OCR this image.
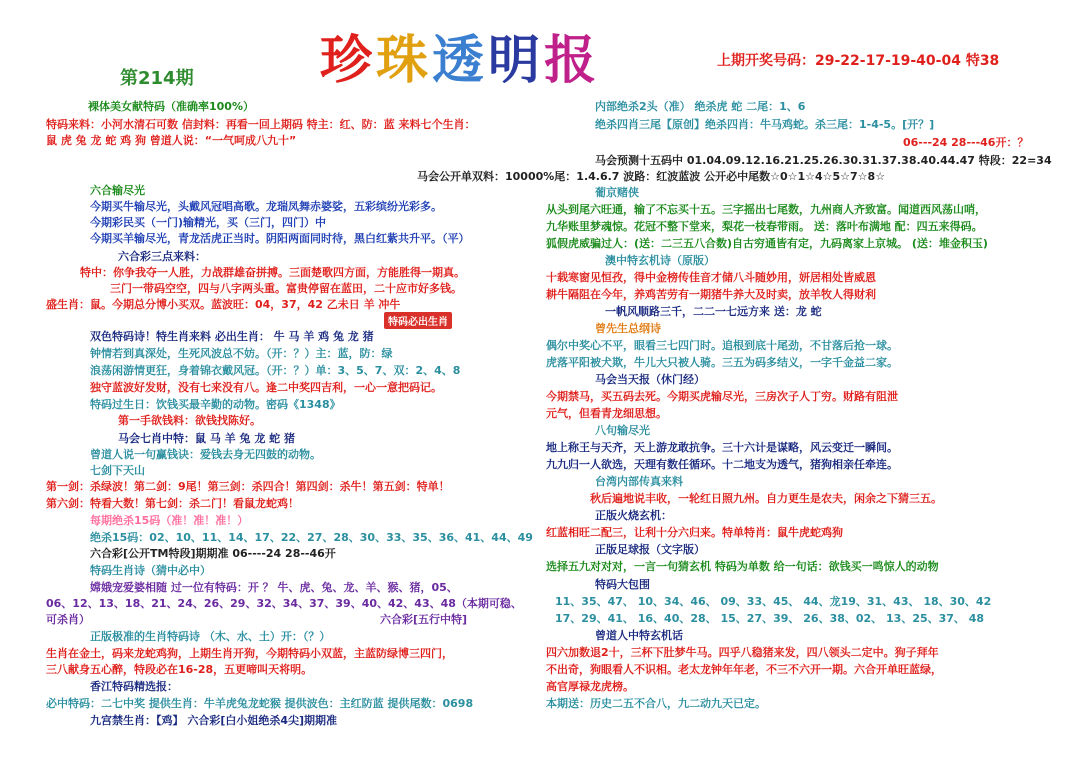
珍珠透明报
第214期
上期开奖号码：29-22-17-19-40-04 特38
特码必出生肖
裸体美女献特码（准确率100%）
特码来料：小河水清石可数 信封料：再看一回上期码 特主：红、防：蓝 来料七个生肖：
鼠 虎 兔 龙 蛇 鸡 狗 曾道人说：“一气呵成八九十”
六合输尽光
今期买牛输尽光，头戴风冠唱高歌。龙瑞凤舞赤婆娑，五彩缤纷光彩多。
今期彩民买（一门)输精光，买（三门，四门）中
今期买羊输尽光，青龙活虎正当时。阴阳两面同时待，黑白红紫共升平。（平）
六合彩三点来料：
特中：你争我夺一人胜，力战群雄奋拼搏。三面楚歌四方面，方能胜得一期真。
三门一带码空空，四与八字两头重。富贵停留在蓝田，二十应市好多钱。
盛生肖：鼠。今期总分博小买双。蓝波旺：04，37，42 乙未日 羊 冲牛
双色特码诗！特生肖来料 必出生肖： 牛 马 羊 鸡 兔 龙 猪
钟情若到真深处，生死风波总不妨。（开：？）主：蓝，防：绿
浪荡闲游情更狂，身着锦衣戴风冠。（开：？）单：3、5、7、双：2、4、8
独守蓝波好发财，没有七来没有八。逢二中奖四吉利，一心一意把码记。
特码过生日：饮钱买最辛勤的动物。密码《1348》
第一手欲钱料：欲钱找陈好。
马会七肖中特：鼠 马 羊 兔 龙 蛇 猪
曾道人说一句赢钱诀：爱钱去身无四鼓的动物。
七剑下天山
第一剑：杀绿波！第二剑：9尾！第三剑：杀四合！第四剑：杀牛！第五剑：特单！
第六剑：特看大数！第七剑：杀二门！看鼠龙蛇鸡！
每期绝杀15码（准！准！准！）
绝杀15码：02、10、11、14、17、22、27、28、30、33、35、36、41、44、49
六合彩[公开TM特段]期期准 06----24 28--46开
特码生肖诗（猜中必中）
嫦娥宠爱婆相随 过一位有特码：开 ？ 牛、虎、兔、龙、羊、猴、猪，05、
06、12、13、18、21、24、26、29、32、34、37、39、40、42、43、48（本期可稳、
可杀肖）	六合彩[五行中特]
正版极准的生肖特码诗 （木、水、土）开：（？）
生肖在金土，码来龙蛇鸡狗，上期生肖开狗，今期特码小双蓝，主蓝防绿博三四门，
三八献身五心醉，特段必在16-28，五更啼叫天将明。
香江特码精选报：
必中特码：二七中奖 提供生肖：牛羊虎兔龙蛇猴 提供波色：主红防蓝 提供尾数：0698
九宫禁生肖：【鸡】 六合彩[白小姐绝杀4尖]期期准
内部绝杀2头（准） 绝杀虎 蛇 二尾：1、6
绝杀四肖三尾【原创】绝杀四肖：牛马鸡蛇。杀三尾：1-4-5。[开？]
06---24 28---46开：？
马会预测十五码中 01.04.09.12.16.21.25.26.30.31.37.38.40.44.47 特段：22=34
马会公开单双料：10000%尾：1.4.6.7 波路：红波蓝波 公开必中尾数☆0☆1☆4☆5☆7☆8☆
葡京赌侠
从头到尾六旺通，输了不忘买十五。三字摇出七尾数，九州商人齐致富。闻道西风荡山哨，
九华账里梦魂惊。花冠不整下堂来，梨花一枝春带雨。 送：落叶布满地 配：四五来得码。
狐假虎威骗过人：(送：二三五八合数)自古穷通皆有定，九码离家上京城。 (送：堆金积玉)
澳中特玄机诗（原版）
十载寒窗见恒孜，得中金榜传佳音才储八斗随妙用，妍居相处皆威恩
耕牛隔阻在今年，养鸡苦劳有一期猪牛养大及时卖，放羊牧人得财利
一帆风顺路三千，二二一七远方来 送：龙 蛇
曾先生总纲诗
偶尔中奖心不平，眼看三七四门时。追根到底十尾劲，不甘落后抢一球。
虎落平阳被犬欺，牛儿大只被人骑。三五为码多结义，一字千金益二家。
马会当天报（休门经）
今期禁马，买五码去死。今期买虎输尽光，三房次子人丁穷。财路有阻泄
元气，但看青龙细思想。
八句输尽光
地上称王与天齐，天上游龙敢抗争。三十六计是谋略，风云变迁一瞬间。
九九归一人欲选，天理有数任循环。十二地支为透气，猪狗相亲任牵连。
台湾内部传真来料
秋后遍地说丰收，一轮红日照九州。自力更生是农夫，闲余之下猜三五。
正版火烧玄机：
红蓝相旺二配三，让利十分六归来。特单特肖：鼠牛虎蛇鸡狗
正版足球报（文字版）
选择五九对对对，一言一句猜玄机 特码为单数 给一句话：欲钱买一鸣惊人的动物
特码大包围
11、35、47、 10、34、46、 09、33、45、 44、龙19、31、43、 18、30、42
17、29、41、 16、40、28、 15、27、39、 26、38、02、 13、25、37、 48
曾道人中特玄机话
四六加数退2十，三杯下肚梦牛马。四乎八稳猪来发，四八领头二定中。狗子拜年
不出奇，狗眼看人不识相。老太龙钟年年老，不三不六开一期。六合开单旺蓝绿，
高官厚禄龙虎榜。
本期送：历史二五不合八，九二动九天已定。
